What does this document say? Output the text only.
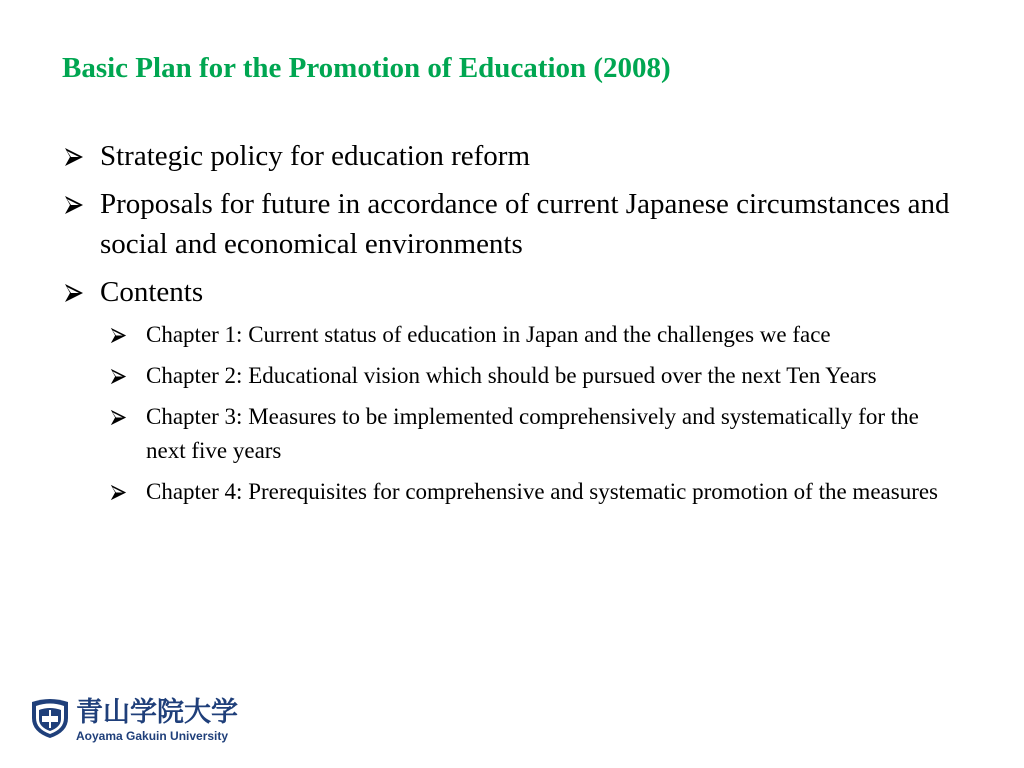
Basic Plan for the Promotion of Education (2008)
Strategic policy for education reform
Proposals for future in accordance of current Japanese circumstances and social and economical environments
Contents
Chapter 1: Current status of education in Japan and the challenges we face
Chapter 2: Educational vision which should be pursued over the next Ten Years
Chapter 3: Measures to be implemented comprehensively and systematically for the next five years
Chapter 4: Prerequisites for comprehensive and systematic promotion of the measures
青山学院大学
Aoyama Gakuin University
